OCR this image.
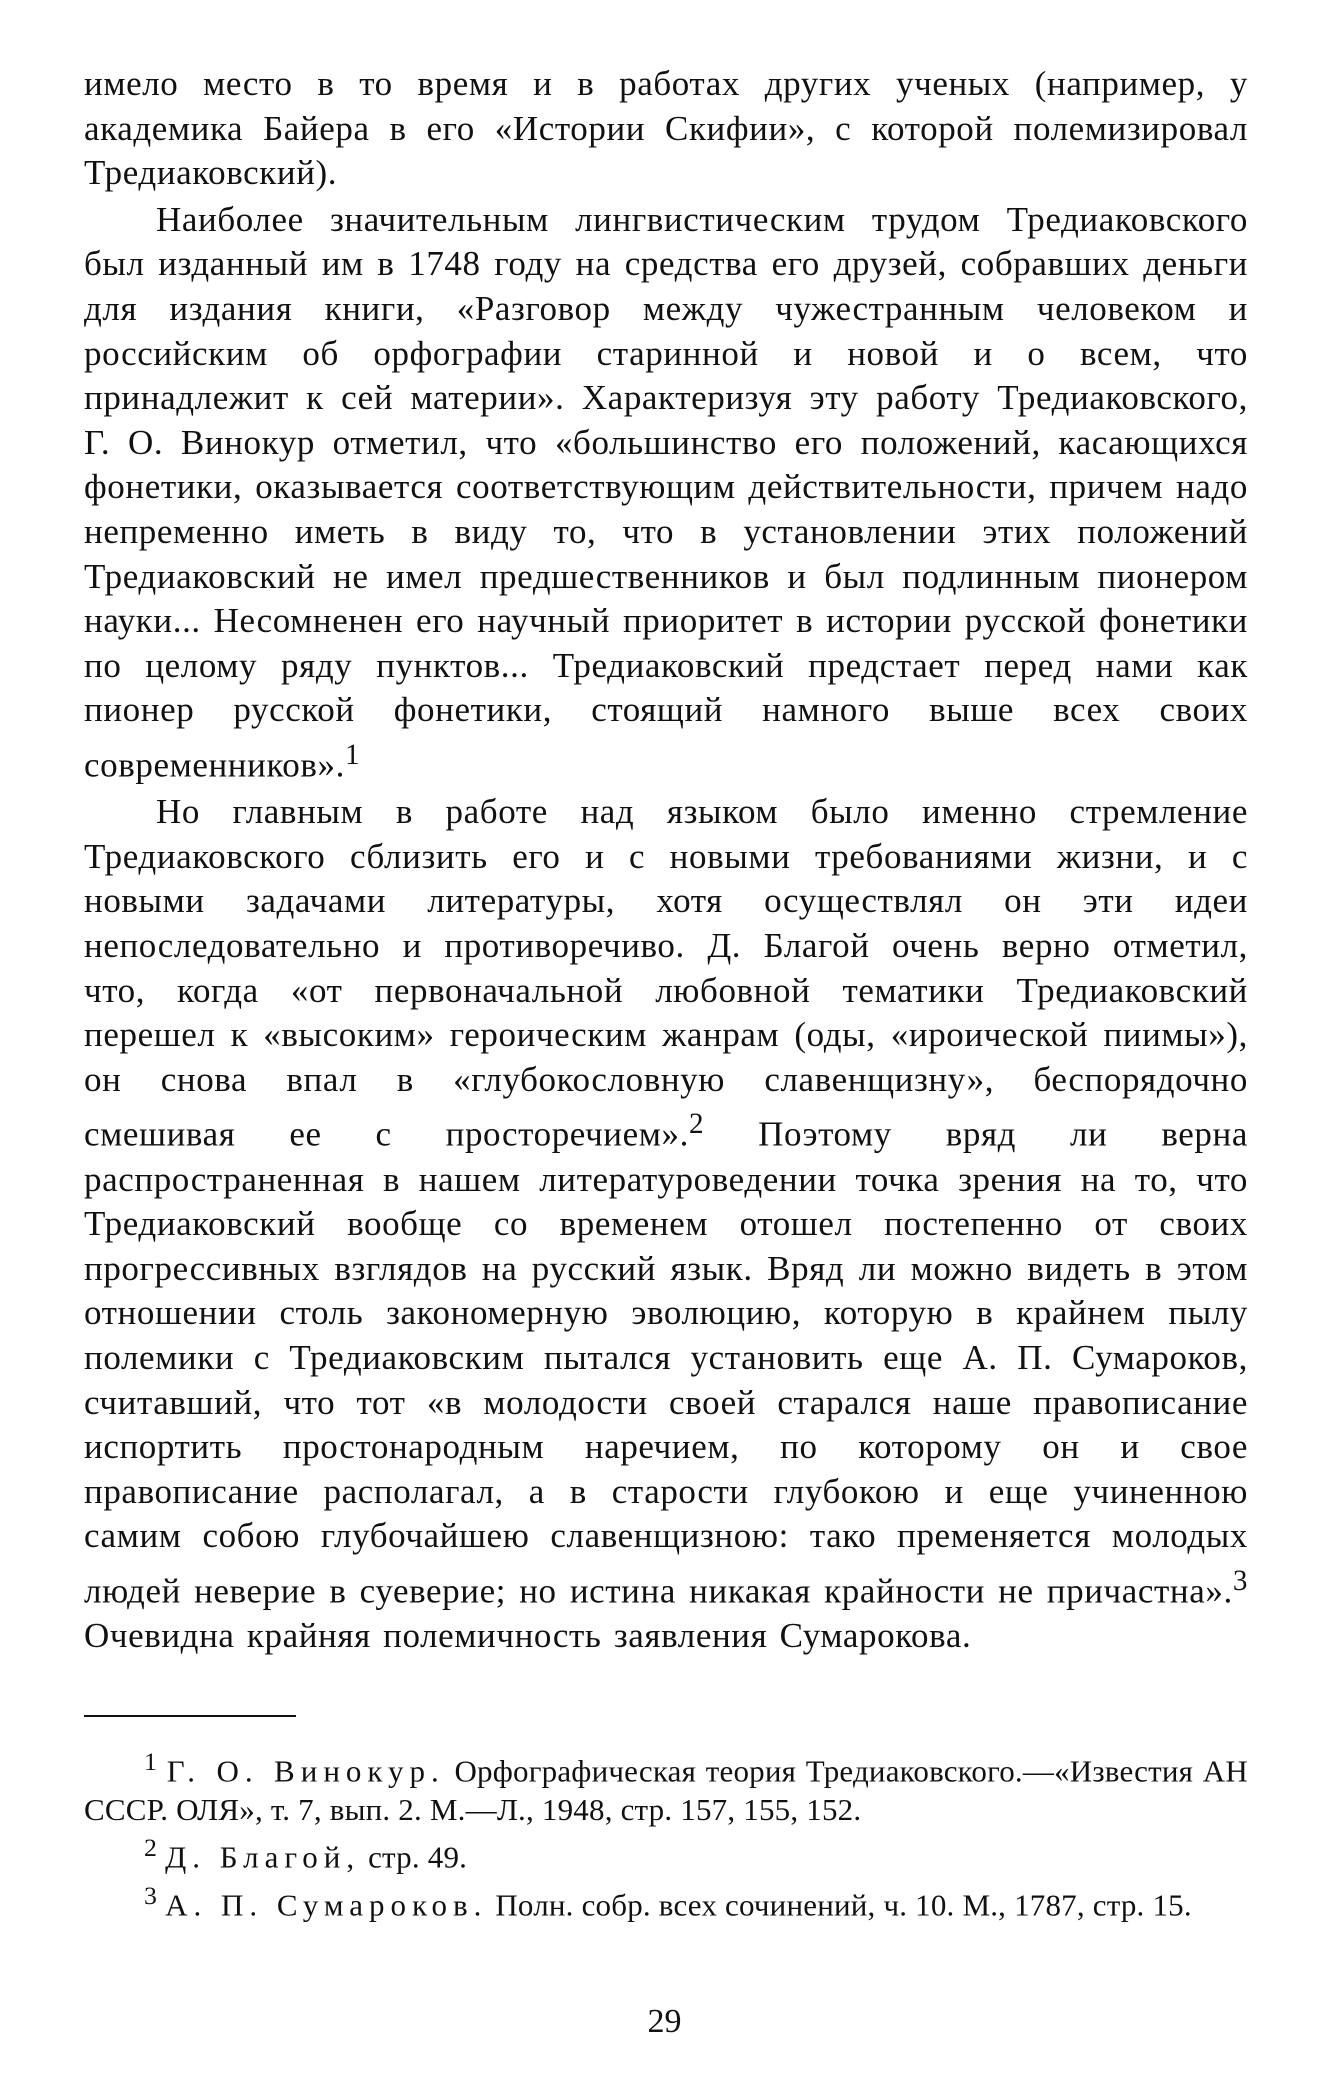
имело место в то время и в работах других ученых (например, у академика Байера в его «Истории Скифии», с которой полемизировал Тредиаковский).

Наиболее значительным лингвистическим трудом Тредиаковского был изданный им в 1748 году на средства его друзей, собравших деньги для издания книги, «Разговор между чужестранным человеком и российским об орфографии старинной и новой и о всем, что принадлежит к сей материи». Характеризуя эту работу Тредиаковского, Г. О. Винокур отметил, что «большинство его положений, касающихся фонетики, оказывается соответствующим действительности, причем надо непременно иметь в виду то, что в установлении этих положений Тредиаковский не имел предшественников и был подлинным пионером науки... Несомненен его научный приоритет в истории русской фонетики по целому ряду пунктов... Тредиаковский предстает перед нами как пионер русской фонетики, стоящий намного выше всех своих современников».$^1$

Но главным в работе над языком было именно стремление Тредиаковского сблизить его и с новыми требованиями жизни, и с новыми задачами литературы, хотя осуществлял он эти идеи непоследовательно и противоречиво. Д. Благой очень верно отметил, что, когда «от первоначальной любовной тематики Тредиаковский перешел к «высоким» героическим жанрам (оды, «ироической пиимы»), он снова впал в «глубокословную славенщизну», беспорядочно смешивая ее с просторечием».$^2$ Поэтому вряд ли верна распространенная в нашем литературоведении точка зрения на то, что Тредиаковский вообще со временем отошел постепенно от своих прогрессивных взглядов на русский язык. Вряд ли можно видеть в этом отношении столь закономерную эволюцию, которую в крайнем пылу полемики с Тредиаковским пытался установить еще А. П. Сумароков, считавший, что тот «в молодости своей старался наше правописание испортить простонародным наречием, по которому он и свое правописание располагал, а в старости глубокою и еще учиненною самим собою глубочайшею славенщизною: тако пременяется молодых людей неверие в суеверие; но истина никакая крайности не причастна».$^3$ Очевидна крайняя полемичность заявления Сумарокова.

$^1$ Г. О. Винокур. Орфографическая теория Тредиаковского.—«Известия АН СССР. ОЛЯ», т. 7, вып. 2. М.—Л., 1948, стр. 157, 155, 152.

$^2$ Д. Благой, стр. 49.

$^3$ А. П. Сумароков. Полн. собр. всех сочинений, ч. 10. М., 1787, стр. 15.

29
